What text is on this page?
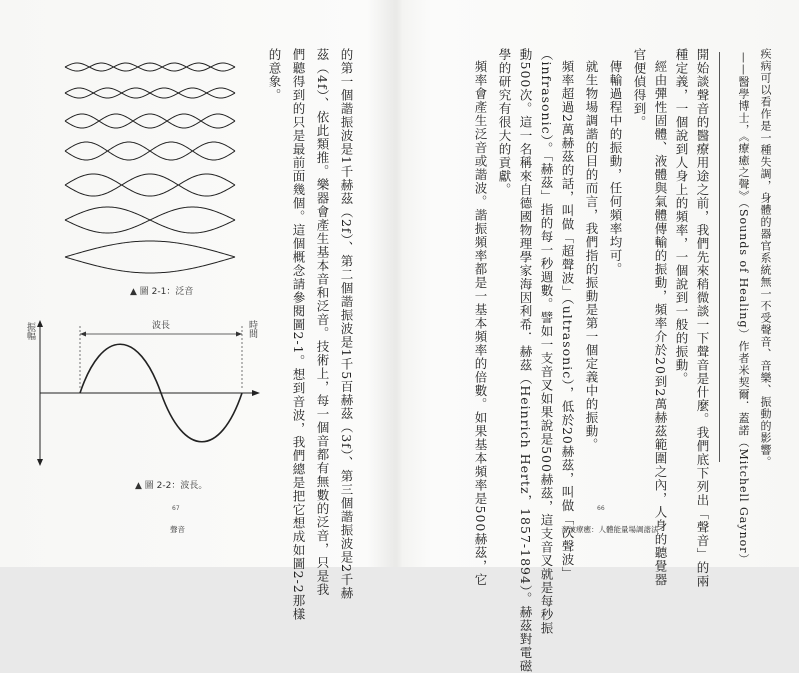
▲ 圖 2-1：泛音
振幅	時間
波長
▲ 圖 2-2：波長。	的第一個諧振波是1千赫茲（2f）、第二個諧振波是1千5百赫茲（3f）、第三個諧振波是2千赫
茲（4f）、依此類推。樂器會產生基本音和泛音。技術上，每一個音都有無數的泛音，只是我
們聽得到的只是最前面幾個。這個概念請參閱圖2-1。想到音波，我們總是把它想成如圖2-2那樣
的意象。
67
聲音
疾病可以看作是一種失調，身體的器官系統無一不受聲音、音樂、振動的影響。
——醫學博士，《療癒之聲》（Sounds of Healing）作者米契爾．蓋諾（Mitchell Gaynor）
開始談聲音的醫療用途之前，我們先來稍微談一下聲音是什麼。我們底下列出「聲音」的兩
種定義，一個說到人身上的頻率，一個說到一般的振動。
經由彈性固體、液體與氣體傳輸的振動，頻率介於20到2萬赫茲範圍之內，人身的聽覺器
官便偵得到。
傳輸過程中的振動，任何頻率均可。
就生物場調諧的目的而言，我們指的振動是第一個定義中的振動。
頻率超過2萬赫茲的話，叫做「超聲波」（ultrasonic），低於20赫茲，叫做「次聲波」
（infrasonic）。「赫茲」指的每一秒週數。譬如一支音叉如果說是500赫茲，這支音叉就是每秒振
動500次。這一名稱來自德國物理學家海因利希．赫茲（Heinrich Hertz，1857-1894）。赫茲對電磁
學的研究有很大的貢獻。
頻率會產生泛音或諧波。諧振頻率都是一基本頻率的倍數。如果基本頻率是500赫茲，它	66
音波療癒：人體能量場調諧法
